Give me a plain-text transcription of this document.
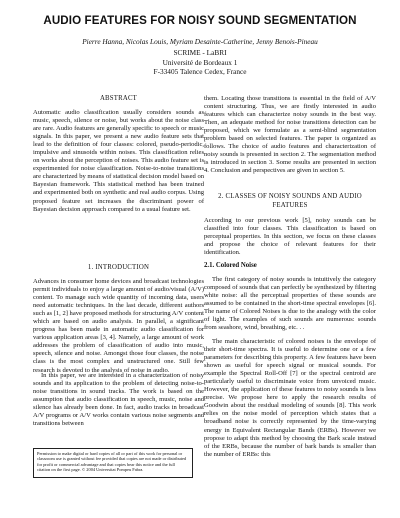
AUDIO FEATURES FOR NOISY SOUND SEGMENTATION
Pierre Hanna, Nicolas Louis, Myriam Desainte-Catherine, Jenny Benois-Pineau
SCRIME - LaBRI
Université de Bordeaux 1
F-33405 Talence Cedex, France
ABSTRACT
Automatic audio classification usually considers sounds as music, speech, silence or noise, but works about the noise class are rare. Audio features are generally specific to speech or music signals. In this paper, we present a new audio feature sets that lead to the definition of four classes: colored, pseudo-periodic, impulsive and sinusoids within noises. This classification relies on works about the perception of noises. This audio feature set is experimented for noise classification. Noise-to-noise transitions are characterized by means of statistical decision model based on Bayesian framework. This statistical method has been trained and experimented both on synthetic and real audio corpus. Using proposed feature set increases the discriminant power of Bayesian decision approach compared to a usual feature set.
1. INTRODUCTION
Advances in consumer home devices and broadcast technologies permit individuals to enjoy a large amount of audio/visual (A/V) content. To manage such wide quantity of incoming data, users need automatic techniques. In the last decade, different authors such as [1, 2] have proposed methods for structuring A/V content which are based on audio analysis. In parallel, a significant progress has been made in automatic audio classification for various application areas [3, 4]. Namely, a large amount of work addresses the problem of classification of audio into music, speech, silence and noise. Amongst those four classes, the noise class is the most complex and unstructured one. Still few research is devoted to the analysis of noise in audio.
In this paper, we are interested in a characterization of noisy sounds and its application to the problem of detecting noise-to-noise transitions in sound tracks. The work is based on the assumption that audio classification in speech, music, noise and silence has already been done. In fact, audio tracks in broadcast A/V programs or A/V works contain various noise segments and transitions between
them. Locating those transitions is essential in the field of A/V content structuring. Thus, we are firstly interested in audio features which can characterize noisy sounds in the best way. Then, an adequate method for noise transitions detection can be proposed, which we formulate as a semi-blind segmentation problem based on selected features. The paper is organized as follows. The choice of audio features and characterization of noisy sounds is presented in section 2. The segmentation method is introduced in section 3. Some results are presented in section 4. Conclusion and perspectives are given in section 5.
2. CLASSES OF NOISY SOUNDS AND AUDIO
FEATURES
According to our previous work [5], noisy sounds can be classified into four classes. This classification is based on perceptual properties. In this section, we focus on these classes and propose the choice of relevant features for their identification.
2.1. Colored Noise
The first category of noisy sounds is intuitively the category composed of sounds that can perfectly be synthesized by filtering white noise: all the perceptual properties of these sounds are assumed to be contained in the short-time spectral envelopes [6]. The name of Colored Noises is due to the analogy with the color of light. The examples of such sounds are numerous: sounds from seashore, wind, breathing, etc. . .
The main characteristic of colored noises is the envelope of their short-time spectra. It is useful to determine one or a few parameters for describing this property. A few features have been shown as useful for speech signal or musical sounds. For example the Spectral Roll-Off [7] or the spectral centroid are particularly useful to discriminate voice from unvoiced music. However, the application of these features to noisy sounds is less precise. We propose here to apply the research results of Goodwin about the residual modeling of sounds [8]. This work relies on the noise model of perception which states that a broadband noise is correctly represented by the time-varying energy in Equivalent Rectangular Bands (ERBs). However we propose to adapt this method by choosing the Bark scale instead of the ERBs, because the number of bark bands is smaller than the number of ERBs: this
Permission to make digital or hard copies of all or part of this work for personal or classroom use is granted without fee provided that copies are not made or distributed for profit or commercial advantage and that copies bear this notice and the full citation on the first page. © 2004 Universitat Pompeu Fabra.
